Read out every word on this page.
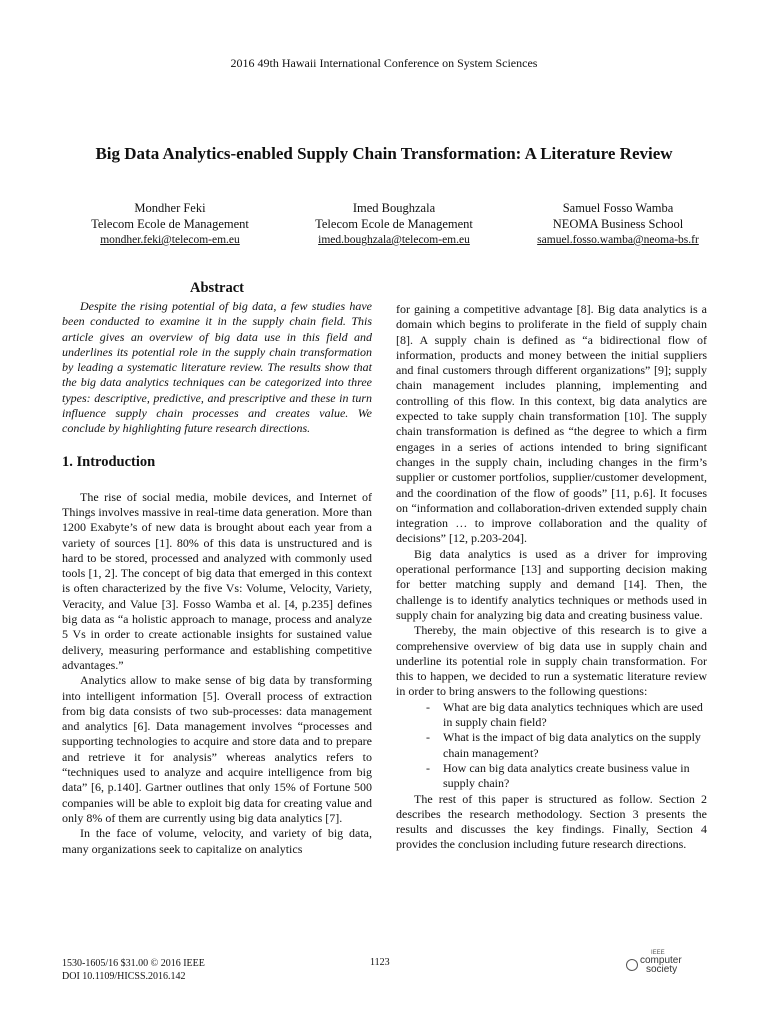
2016 49th Hawaii International Conference on System Sciences
Big Data Analytics-enabled Supply Chain Transformation: A Literature Review
Mondher Feki
Telecom Ecole de Management
mondher.feki@telecom-em.eu
Imed Boughzala
Telecom Ecole de Management
imed.boughzala@telecom-em.eu
Samuel Fosso Wamba
NEOMA Business School
samuel.fosso.wamba@neoma-bs.fr
Abstract

Despite the rising potential of big data, a few studies have been conducted to examine it in the supply chain field. This article gives an overview of big data use in this field and underlines its potential role in the supply chain transformation by leading a systematic literature review. The results show that the big data analytics techniques can be categorized into three types: descriptive, predictive, and prescriptive and these in turn influence supply chain processes and creates value. We conclude by highlighting future research directions.

1. Introduction

The rise of social media, mobile devices, and Internet of Things involves massive in real-time data generation. More than 1200 Exabyte’s of new data is brought about each year from a variety of sources [1]. 80% of this data is unstructured and is hard to be stored, processed and analyzed with commonly used tools [1, 2]. The concept of big data that emerged in this context is often characterized by the five Vs: Volume, Velocity, Variety, Veracity, and Value [3]. Fosso Wamba et al. [4, p.235] defines big data as “a holistic approach to manage, process and analyze 5 Vs in order to create actionable insights for sustained value delivery, measuring performance and establishing competitive advantages.”

Analytics allow to make sense of big data by transforming into intelligent information [5]. Overall process of extraction from big data consists of two sub-processes: data management and analytics [6]. Data management involves “processes and supporting technologies to acquire and store data and to prepare and retrieve it for analysis” whereas analytics refers to “techniques used to analyze and acquire intelligence from big data” [6, p.140]. Gartner outlines that only 15% of Fortune 500 companies will be able to exploit big data for creating value and only 8% of them are currently using big data analytics [7].

In the face of volume, velocity, and variety of big data, many organizations seek to capitalize on analytics

for gaining a competitive advantage [8]. Big data analytics is a domain which begins to proliferate in the field of supply chain [8]. A supply chain is defined as “a bidirectional flow of information, products and money between the initial suppliers and final customers through different organizations” [9]; supply chain management includes planning, implementing and controlling of this flow. In this context, big data analytics are expected to take supply chain transformation [10]. The supply chain transformation is defined as “the degree to which a firm engages in a series of actions intended to bring significant changes in the supply chain, including changes in the firm’s supplier or customer portfolios, supplier/customer development, and the coordination of the flow of goods” [11, p.6]. It focuses on “information and collaboration-driven extended supply chain integration … to improve collaboration and the quality of decisions” [12, p.203-204].

Big data analytics is used as a driver for improving operational performance [13] and supporting decision making for better matching supply and demand [14]. Then, the challenge is to identify analytics techniques or methods used in supply chain for analyzing big data and creating business value.

Thereby, the main objective of this research is to give a comprehensive overview of big data use in supply chain and underline its potential role in supply chain transformation. For this to happen, we decided to run a systematic literature review in order to bring answers to the following questions:

- What are big data analytics techniques which are used in supply chain field?
- What is the impact of big data analytics on the supply chain management?
- How can big data analytics create business value in supply chain?

The rest of this paper is structured as follow. Section 2 describes the research methodology. Section 3 presents the results and discusses the key findings. Finally, Section 4 provides the conclusion including future research directions.

1530-1605/16 $31.00 © 2016 IEEE
DOI 10.1109/HICSS.2016.142
1123
IEEE
computer
society
